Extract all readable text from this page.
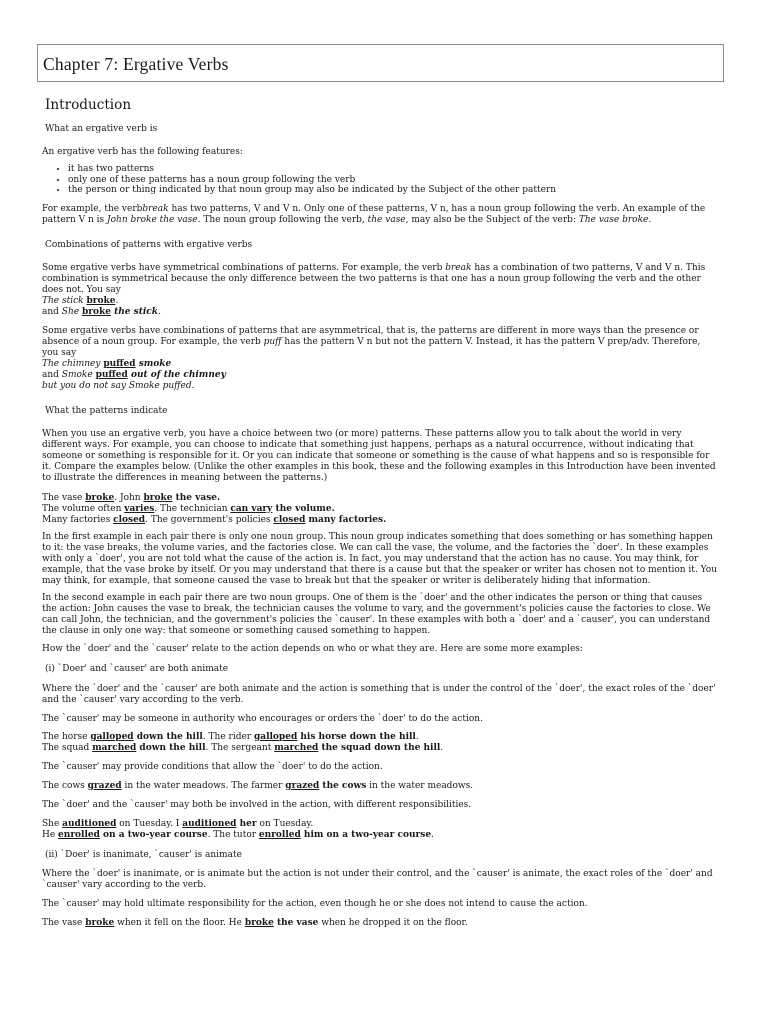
Chapter 7: Ergative Verbs
Introduction
What an ergative verb is

An ergative verb has the following features:

• it has two patterns
• only one of these patterns has a noun group following the verb
• the person or thing indicated by that noun group may also be indicated by the Subject of the other pattern

For example, the verbbreak has two patterns, V and V n. Only one of these patterns, V n, has a noun group following the verb. An example of the pattern V n is John broke the vase. The noun group following the verb, the vase, may also be the Subject of the verb: The vase broke.

Combinations of patterns with ergative verbs

Some ergative verbs have symmetrical combinations of patterns. For example, the verb break has a combination of two patterns, V and V n. This combination is symmetrical because the only difference between the two patterns is that one has a noun group following the verb and the other does not. You say

The stick broke.
and She broke the stick.

Some ergative verbs have combinations of patterns that are asymmetrical, that is, the patterns are different in more ways than the presence or absence of a noun group. For example, the verb puff has the pattern V n but not the pattern V. Instead, it has the pattern V prep/adv. Therefore, you say

The chimney puffed smoke
and Smoke puffed out of the chimney
but you do not say Smoke puffed.
What the patterns indicate

When you use an ergative verb, you have a choice between two (or more) patterns. These patterns allow you to talk about the world in very different ways. For example, you can choose to indicate that something just happens, perhaps as a natural occurrence, without indicating that someone or something is responsible for it. Or you can indicate that someone or something is the cause of what happens and so is responsible for it. Compare the examples below. (Unlike the other examples in this book, these and the following examples in this Introduction have been invented to illustrate the differences in meaning between the patterns.)

The vase broke. John broke the vase.
The volume often varies. The technician can vary the volume.
Many factories closed. The government's policies closed many factories.

In the first example in each pair there is only one noun group. This noun group indicates something that does something or has something happen to it: the vase breaks, the volume varies, and the factories close. We can call the vase, the volume, and the factories the `doer'. In these examples with only a `doer', you are not told what the cause of the action is. In fact, you may understand that the action has no cause. You may think, for example, that the vase broke by itself. Or you may understand that there is a cause but that the speaker or writer has chosen not to mention it. You may think, for example, that someone caused the vase to break but that the speaker or writer is deliberately hiding that information.

In the second example in each pair there are two noun groups. One of them is the `doer' and the other indicates the person or thing that causes the action: John causes the vase to break, the technician causes the volume to vary, and the government's policies cause the factories to close. We can call John, the technician, and the government's policies the `causer'. In these examples with both a `doer' and a `causer', you can understand the clause in only one way: that someone or something caused something to happen.

How the `doer' and the `causer' relate to the action depends on who or what they are. Here are some more examples:

(i) `Doer' and `causer' are both animate

Where the `doer' and the `causer' are both animate and the action is something that is under the control of the `doer', the exact roles of the `doer' and the `causer' vary according to the verb.

The `causer' may be someone in authority who encourages or orders the `doer' to do the action.

The horse galloped down the hill. The rider galloped his horse down the hill.
The squad marched down the hill. The sergeant marched the squad down the hill.

The `causer' may provide conditions that allow the `doer' to do the action.

The cows grazed in the water meadows. The farmer grazed the cows in the water meadows.

The `doer' and the `causer' may both be involved in the action, with different responsibilities.

She auditioned on Tuesday. I auditioned her on Tuesday.
He enrolled on a two-year course. The tutor enrolled him on a two-year course.
(ii) `Doer' is inanimate, `causer' is animate

Where the `doer' is inanimate, or is animate but the action is not under their control, and the `causer' is animate, the exact roles of the `doer' and `causer' vary according to the verb.

The `causer' may hold ultimate responsibility for the action, even though he or she does not intend to cause the action.

The vase broke when it fell on the floor. He broke the vase when he dropped it on the floor.
